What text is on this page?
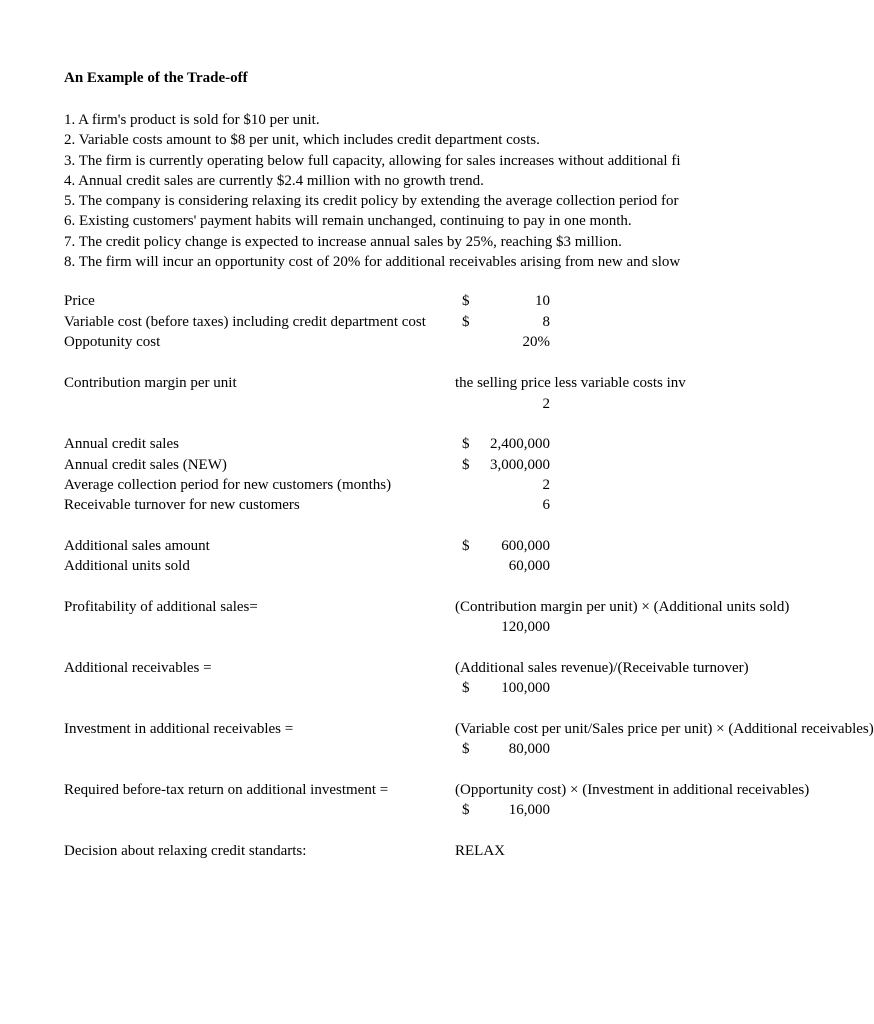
An Example of the Trade-off
1. A firm's product is sold for $10 per unit.
2. Variable costs amount to $8 per unit, which includes credit department costs.
3. The firm is currently operating below full capacity, allowing for sales increases without additional fi
4. Annual credit sales are currently $2.4 million with no growth trend.
5. The company is considering relaxing its credit policy by extending the average collection period for
6. Existing customers' payment habits will remain unchanged, continuing to pay in one month.
7. The credit policy change is expected to increase annual sales by 25%, reaching $3 million.
8. The firm will incur an opportunity cost of 20% for additional receivables arising from new and slow
Price	$	10
Variable cost (before taxes) including credit department cost $	8
Oppotunity cost	20%
Contribution margin per unit	the selling price less variable costs inv
2
Annual credit sales	$ 2,400,000
Annual credit sales (NEW)	$ 3,000,000
Average collection period for new customers (months)	2
Receivable turnover for new customers	6
Additional sales amount	$ 600,000
Additional units sold	60,000
Profitability of additional sales=	(Contribution margin per unit) × (Additional units sold)
120,000
Additional receivables =	(Additional sales revenue)/(Receivable turnover)
$ 100,000
Investment in additional receivables =	(Variable cost per unit/Sales price per unit) × (Additional receivables)
$	80,000
Required before-tax return on additional investment =	(Opportunity cost) × (Investment in additional receivables)
$	16,000
Decision about relaxing credit standarts:	RELAX
